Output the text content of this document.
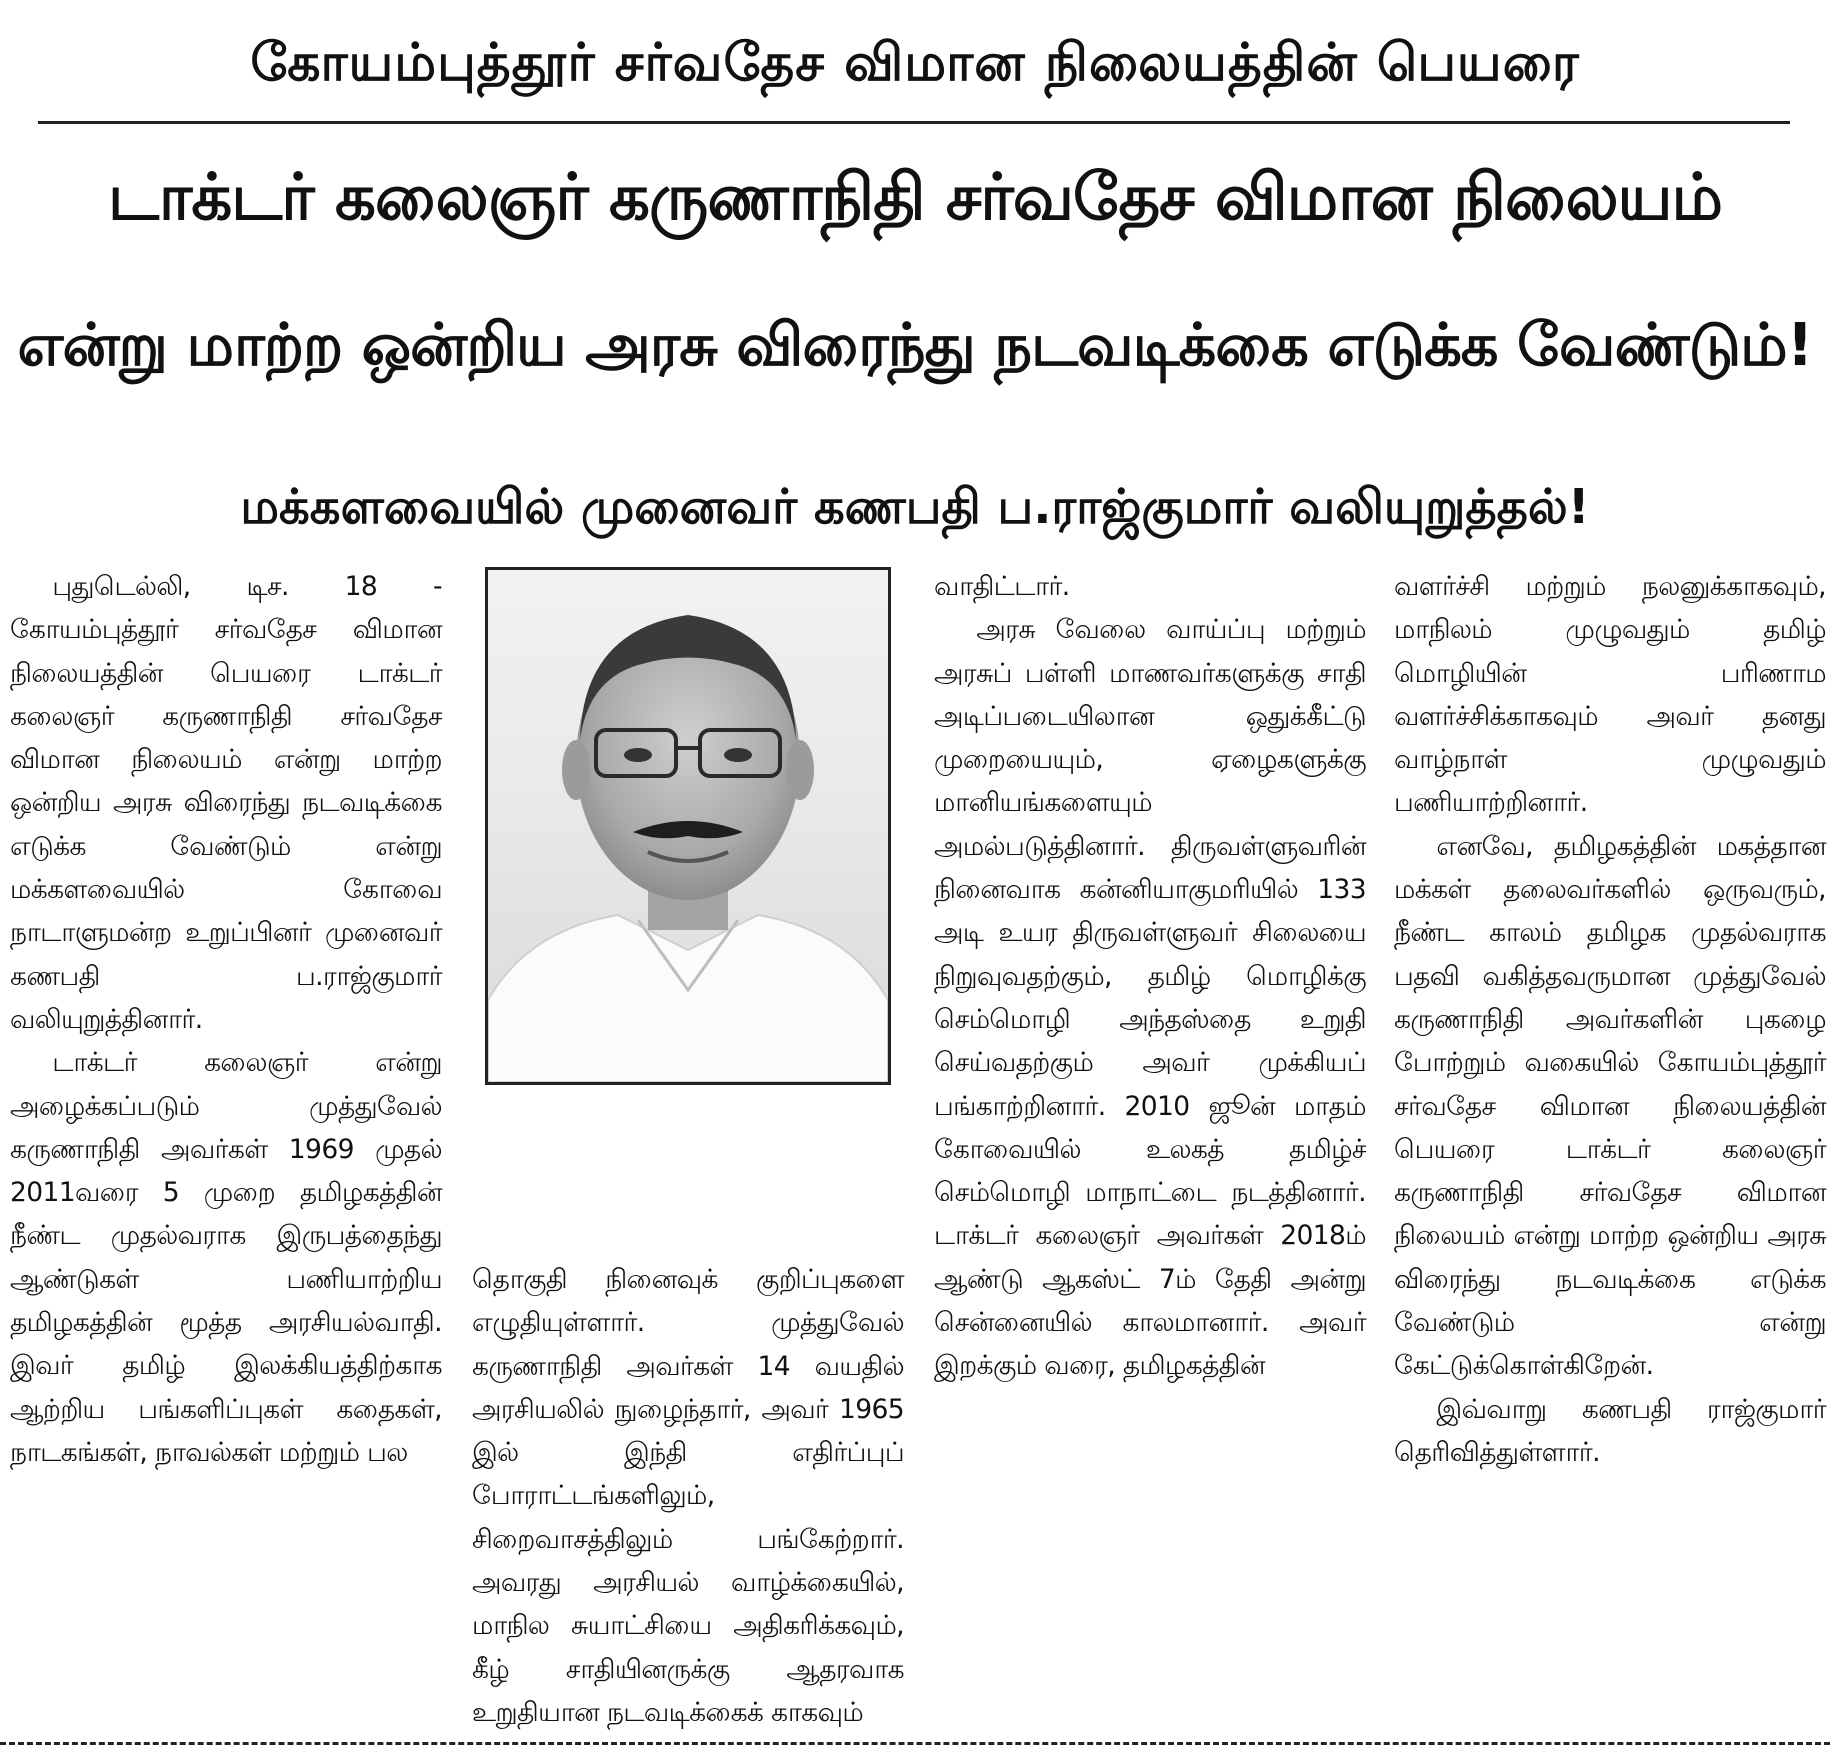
கோயம்புத்தூர் சர்வதேச விமான நிலையத்தின் பெயரை
டாக்டர் கலைஞர் கருணாநிதி சர்வதேச விமான நிலையம்
என்று மாற்ற ஒன்றிய அரசு விரைந்து நடவடிக்கை எடுக்க வேண்டும்!
மக்களவையில் முனைவர் கணபதி ப.ராஜ்குமார் வலியுறுத்தல்!

புதுடெல்லி, டிச. 18 - கோயம்புத்தூர் சர்வதேச விமான நிலையத்தின் பெயரை டாக்டர் கலைஞர் கருணாநிதி சர்வதேச விமான நிலையம் என்று மாற்ற ஒன்றிய அரசு விரைந்து நடவடிக்கை எடுக்க வேண்டும் என்று மக்களவையில் கோவை நாடாளுமன்ற உறுப்பினர் முனைவர் கணபதி ப.ராஜ்குமார் வலியுறுத்தினார்.

டாக்டர் கலைஞர் என்று அழைக்கப்படும் முத்துவேல் கருணாநிதி அவர்கள் 1969 முதல் 2011வரை 5 முறை தமிழகத்தின் நீண்ட முதல்வராக இருபத்தைந்து ஆண்டுகள் பணியாற்றிய தமிழகத்தின் மூத்த அரசியல்வாதி. இவர் தமிழ் இலக்கியத்திற்காக ஆற்றிய பங்களிப்புகள் கதைகள், நாடகங்கள், நாவல்கள் மற்றும் பல

தொகுதி நினைவுக் குறிப்புகளை எழுதியுள்ளார். முத்துவேல் கருணாநிதி அவர்கள் 14 வயதில் அரசியலில் நுழைந்தார், அவர் 1965 இல் இந்தி எதிர்ப்புப் போராட்டங்களிலும், சிறைவாசத்திலும் பங்கேற்றார். அவரது அரசியல் வாழ்க்கையில், மாநில சுயாட்சியை அதிகரிக்கவும், கீழ் சாதியினருக்கு ஆதரவாக உறுதியான நடவடிக்கைக் காகவும்

வாதிட்டார்.

அரசு வேலை வாய்ப்பு மற்றும் அரசுப் பள்ளி மாணவர்களுக்கு சாதி அடிப்படையிலான ஒதுக்கீட்டு முறையையும், ஏழைகளுக்கு மானியங்களையும் அமல்படுத்தினார். திருவள்ளுவரின் நினைவாக கன்னியாகுமரியில் 133 அடி உயர திருவள்ளுவர் சிலையை நிறுவுவதற்கும், தமிழ் மொழிக்கு செம்மொழி அந்தஸ்தை உறுதி செய்வதற்கும் அவர் முக்கியப் பங்காற்றினார். 2010 ஜூன் மாதம் கோவையில் உலகத் தமிழ்ச் செம்மொழி மாநாட்டை நடத்தினார். டாக்டர் கலைஞர் அவர்கள் 2018ம் ஆண்டு ஆகஸ்ட் 7ம் தேதி அன்று சென்னையில் காலமானார். அவர் இறக்கும் வரை, தமிழகத்தின்

வளர்ச்சி மற்றும் நலனுக்காகவும், மாநிலம் முழுவதும் தமிழ் மொழியின் பரிணாம வளர்ச்சிக்காகவும் அவர் தனது வாழ்நாள் முழுவதும் பணியாற்றினார்.

எனவே, தமிழகத்தின் மகத்தான மக்கள் தலைவர்களில் ஒருவரும், நீண்ட காலம் தமிழக முதல்வராக பதவி வகித்தவருமான முத்துவேல் கருணாநிதி அவர்களின் புகழை போற்றும் வகையில் கோயம்புத்தூர் சர்வதேச விமான நிலையத்தின் பெயரை டாக்டர் கலைஞர் கருணாநிதி சர்வதேச விமான நிலையம் என்று மாற்ற ஒன்றிய அரசு விரைந்து நடவடிக்கை எடுக்க வேண்டும் என்று கேட்டுக்கொள்கிறேன்.

இவ்வாறு கணபதி ராஜ்குமார் தெரிவித்துள்ளார்.
